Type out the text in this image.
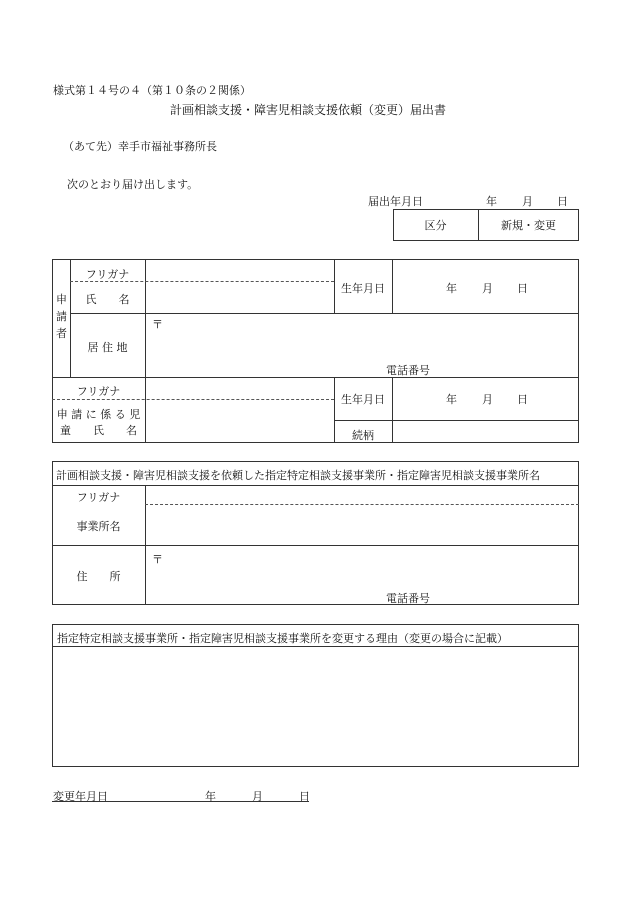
様式第１４号の４（第１０条の２関係）
計画相談支援・障害児相談支援依頼（変更）届出書
（あて先）幸手市福祉事務所長
次のとおり届け出します。
届出年月日	年 月 日
区分	新規・変更
申請者
フリガナ
氏　　名
生年月日	年 月 日
居 住 地
〒
電話番号
フリガナ
申 請 に 係 る 児
童　　氏　　名
生年月日	年 月 日
続柄
計画相談支援・障害児相談支援を依頼した指定特定相談支援事業所・指定障害児相談支援事業所名
フリガナ
事業所名
住　　所
〒
電話番号
指定特定相談支援事業所・指定障害児相談支援事業所を変更する理由（変更の場合に記載）
変更年月日	年	月	日
